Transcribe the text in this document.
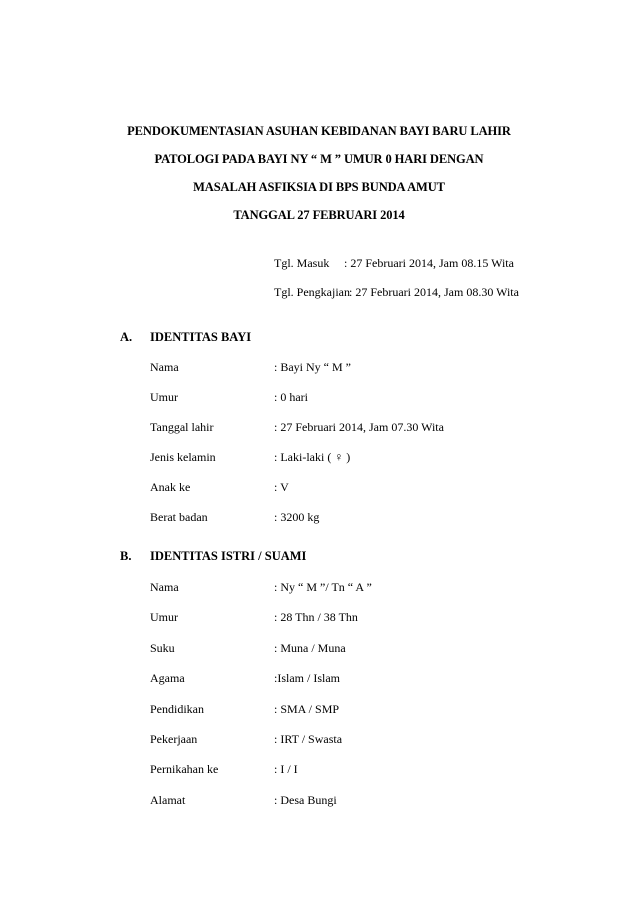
PENDOKUMENTASIAN ASUHAN KEBIDANAN BAYI BARU LAHIR
PATOLOGI PADA BAYI NY “ M ” UMUR 0 HARI DENGAN
MASALAH ASFIKSIA DI BPS BUNDA AMUT
TANGGAL 27 FEBRUARI 2014
Tgl. Masuk : 27 Februari 2014, Jam 08.15 Wita
Tgl. Pengkajian : 27 Februari 2014, Jam 08.30 Wita
A. IDENTITAS BAYI
Nama	: Bayi Ny “ M ”
Umur	: 0 hari
Tanggal lahir	: 27 Februari 2014, Jam 07.30 Wita
Jenis kelamin	: Laki-laki ( ♀ )
Anak ke	: V
Berat badan	: 3200 kg
B. IDENTITAS ISTRI / SUAMI
Nama	: Ny “ M ”/ Tn “ A ”
Umur	: 28 Thn / 38 Thn
Suku	: Muna / Muna
Agama	:Islam / Islam
Pendidikan	: SMA / SMP
Pekerjaan	: IRT / Swasta
Pernikahan ke	: I / I
Alamat	: Desa Bungi
